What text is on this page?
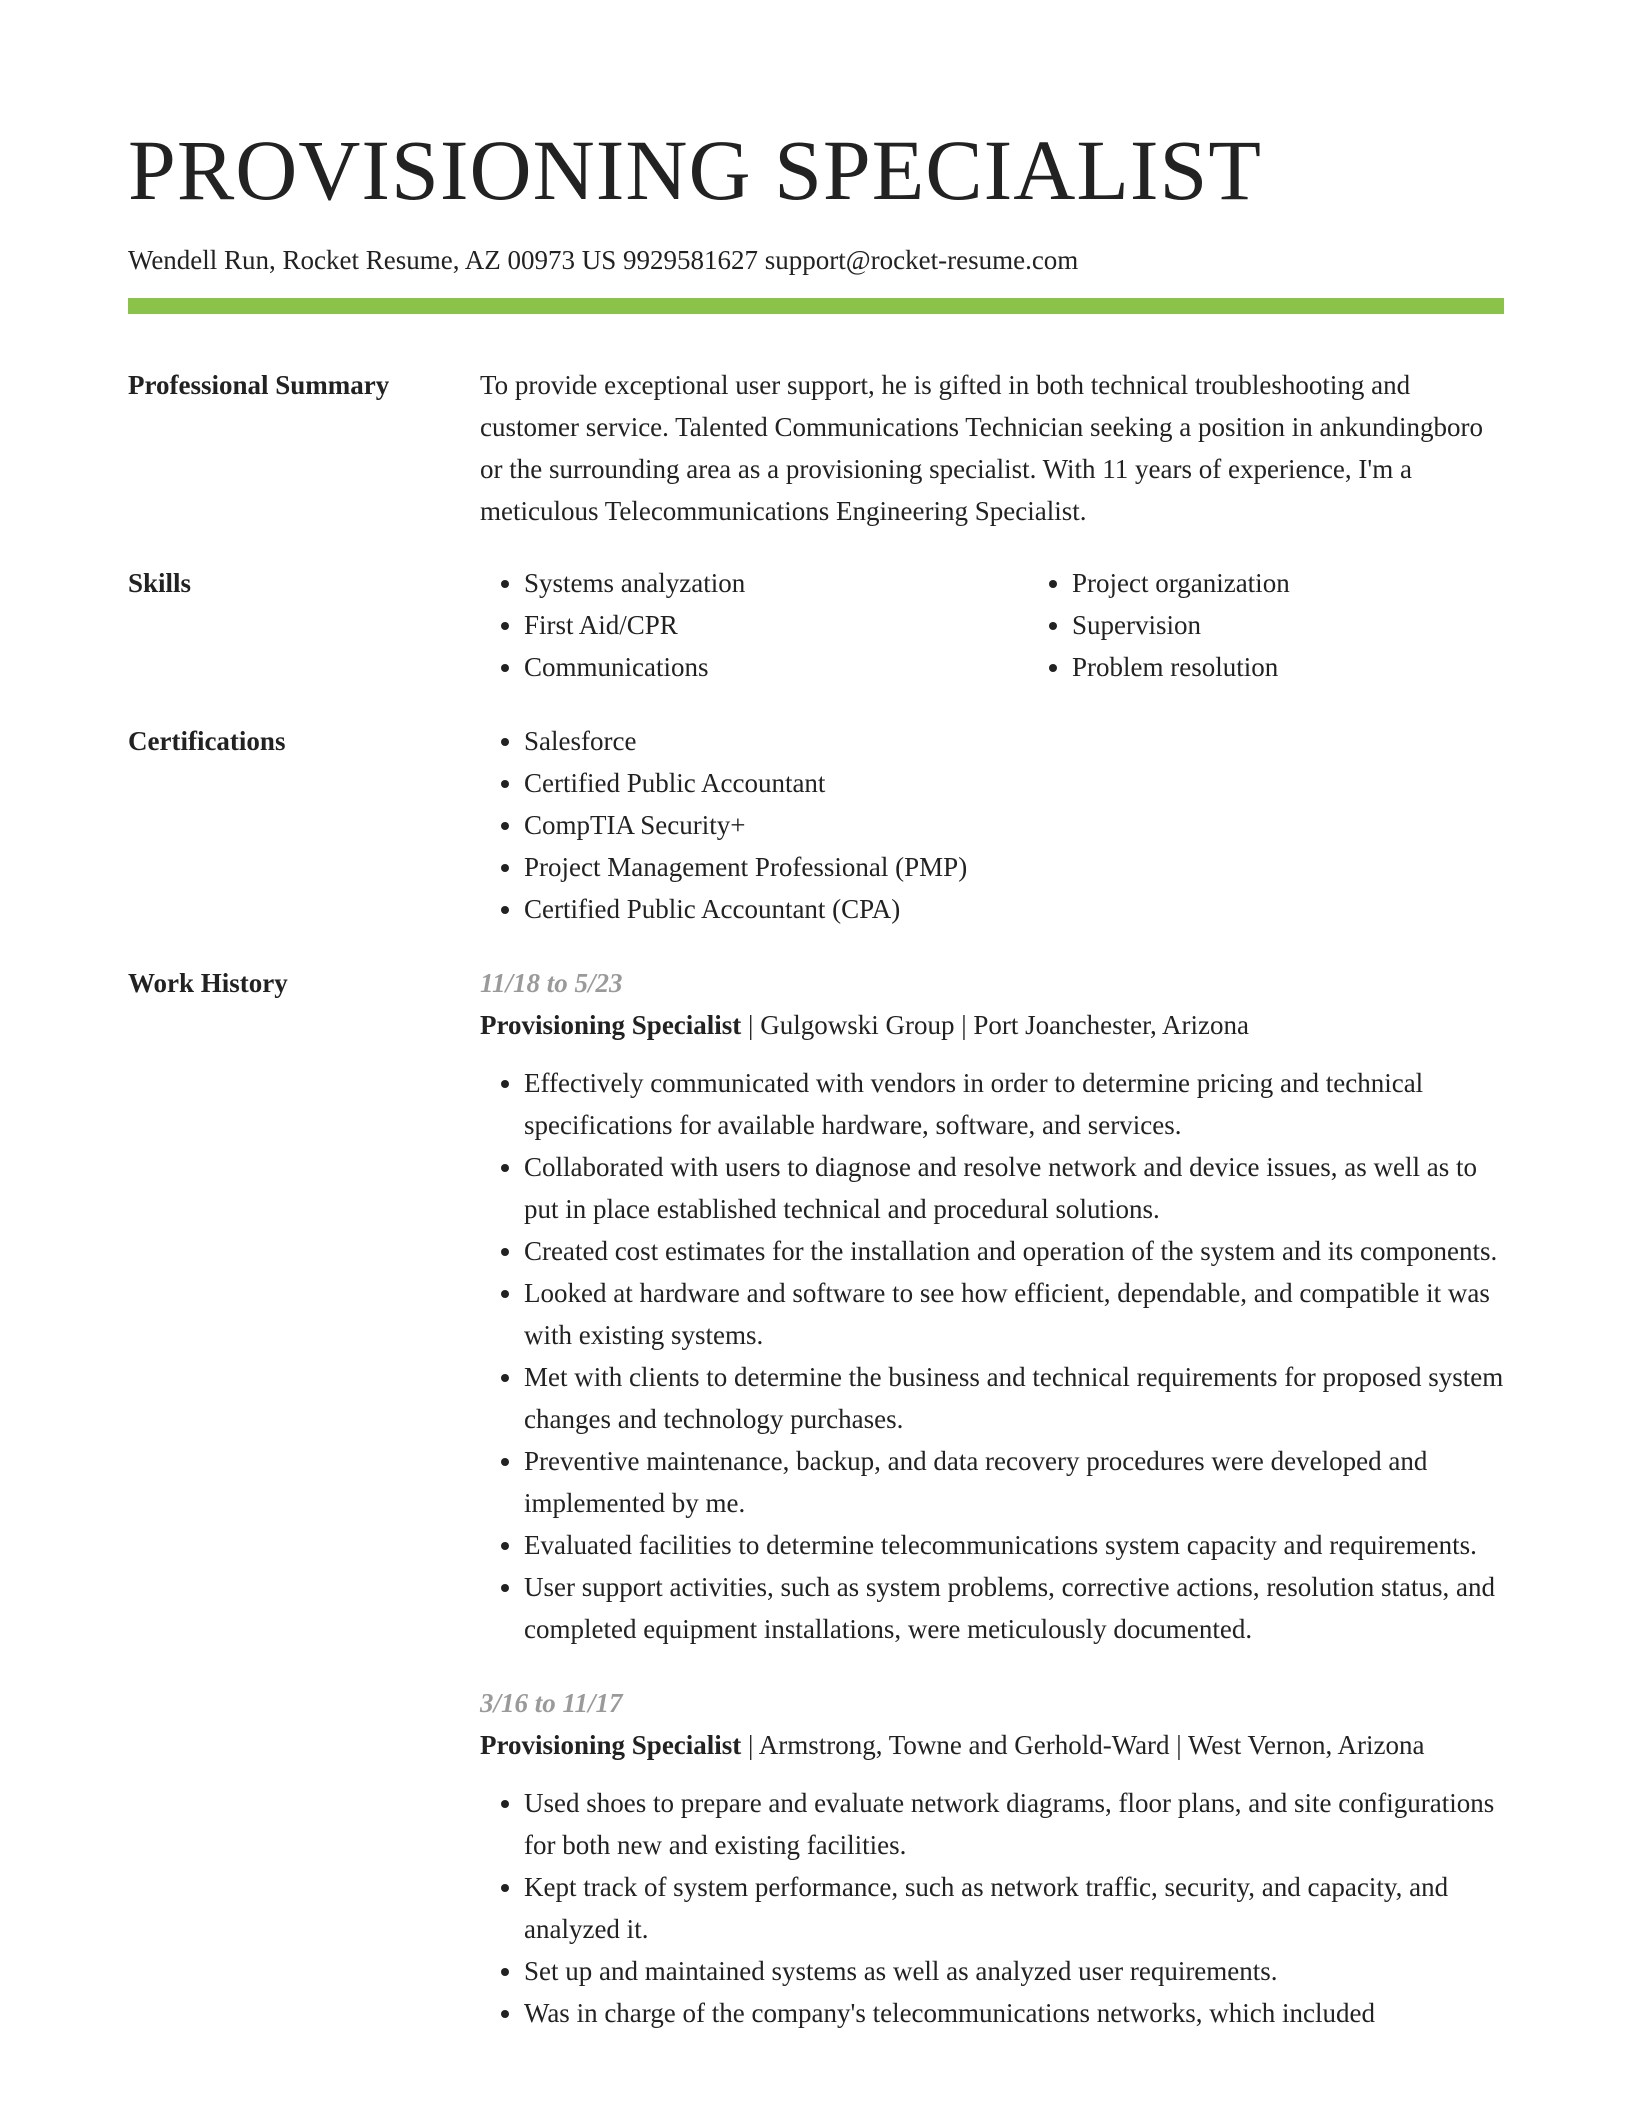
PROVISIONING SPECIALIST
Wendell Run, Rocket Resume, AZ 00973 US 9929581627 support@rocket-resume.com
Professional Summary	To provide exceptional user support, he is gifted in both technical troubleshooting and customer service. Talented Communications Technician seeking a position in ankundingboro or the surrounding area as a provisioning specialist. With 11 years of experience, I'm a meticulous Telecommunications Engineering Specialist.
Skills	• Systems analyzation
• First Aid/CPR
• Communications
• Project organization
• Supervision
• Problem resolution
Certifications	• Salesforce
• Certified Public Accountant
• CompTIA Security+
• Project Management Professional (PMP)
• Certified Public Accountant (CPA)
Work History	11/18 to 5/23
Provisioning Specialist | Gulgowski Group | Port Joanchester, Arizona
• Effectively communicated with vendors in order to determine pricing and technical specifications for available hardware, software, and services.
• Collaborated with users to diagnose and resolve network and device issues, as well as to put in place established technical and procedural solutions.
• Created cost estimates for the installation and operation of the system and its components.
• Looked at hardware and software to see how efficient, dependable, and compatible it was with existing systems.
• Met with clients to determine the business and technical requirements for proposed system changes and technology purchases.
• Preventive maintenance, backup, and data recovery procedures were developed and implemented by me.
• Evaluated facilities to determine telecommunications system capacity and requirements.
• User support activities, such as system problems, corrective actions, resolution status, and completed equipment installations, were meticulously documented.
3/16 to 11/17
Provisioning Specialist | Armstrong, Towne and Gerhold-Ward | West Vernon, Arizona
• Used shoes to prepare and evaluate network diagrams, floor plans, and site configurations for both new and existing facilities.
• Kept track of system performance, such as network traffic, security, and capacity, and analyzed it.
• Set up and maintained systems as well as analyzed user requirements.
• Was in charge of the company's telecommunications networks, which included
